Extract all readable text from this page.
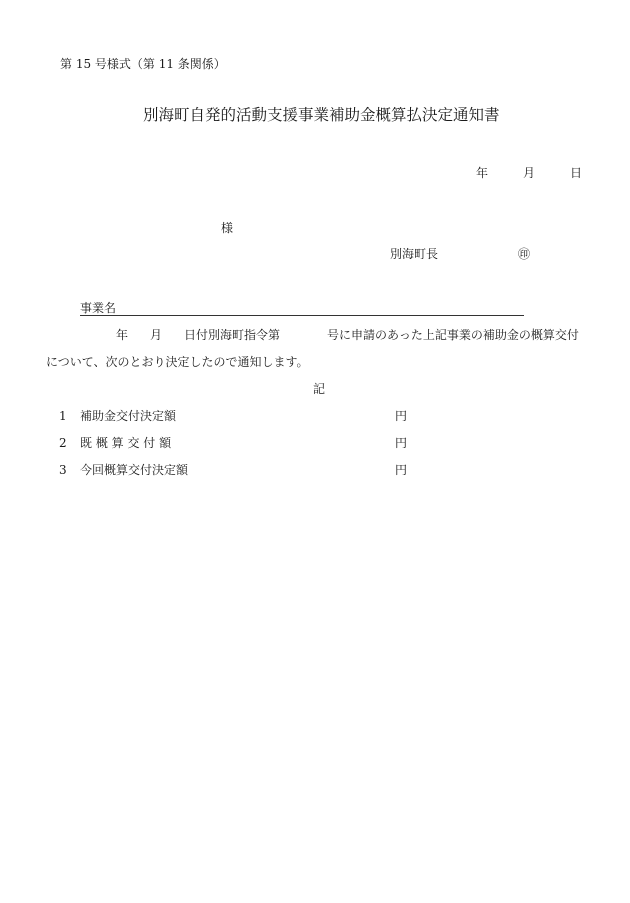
第 15 号様式（第 11 条関係）
別海町自発的活動支援事業補助金概算払決定通知書
年	月	日
様
別海町長	㊞
事業名
年 月 日付別海町指令第	号に申請のあった上記事業の補助金の概算交付
について、次のとおり決定したので通知します。
記
1 補助金交付決定額	円
2 既 概 算 交 付 額	円
3 今回概算交付決定額	円
